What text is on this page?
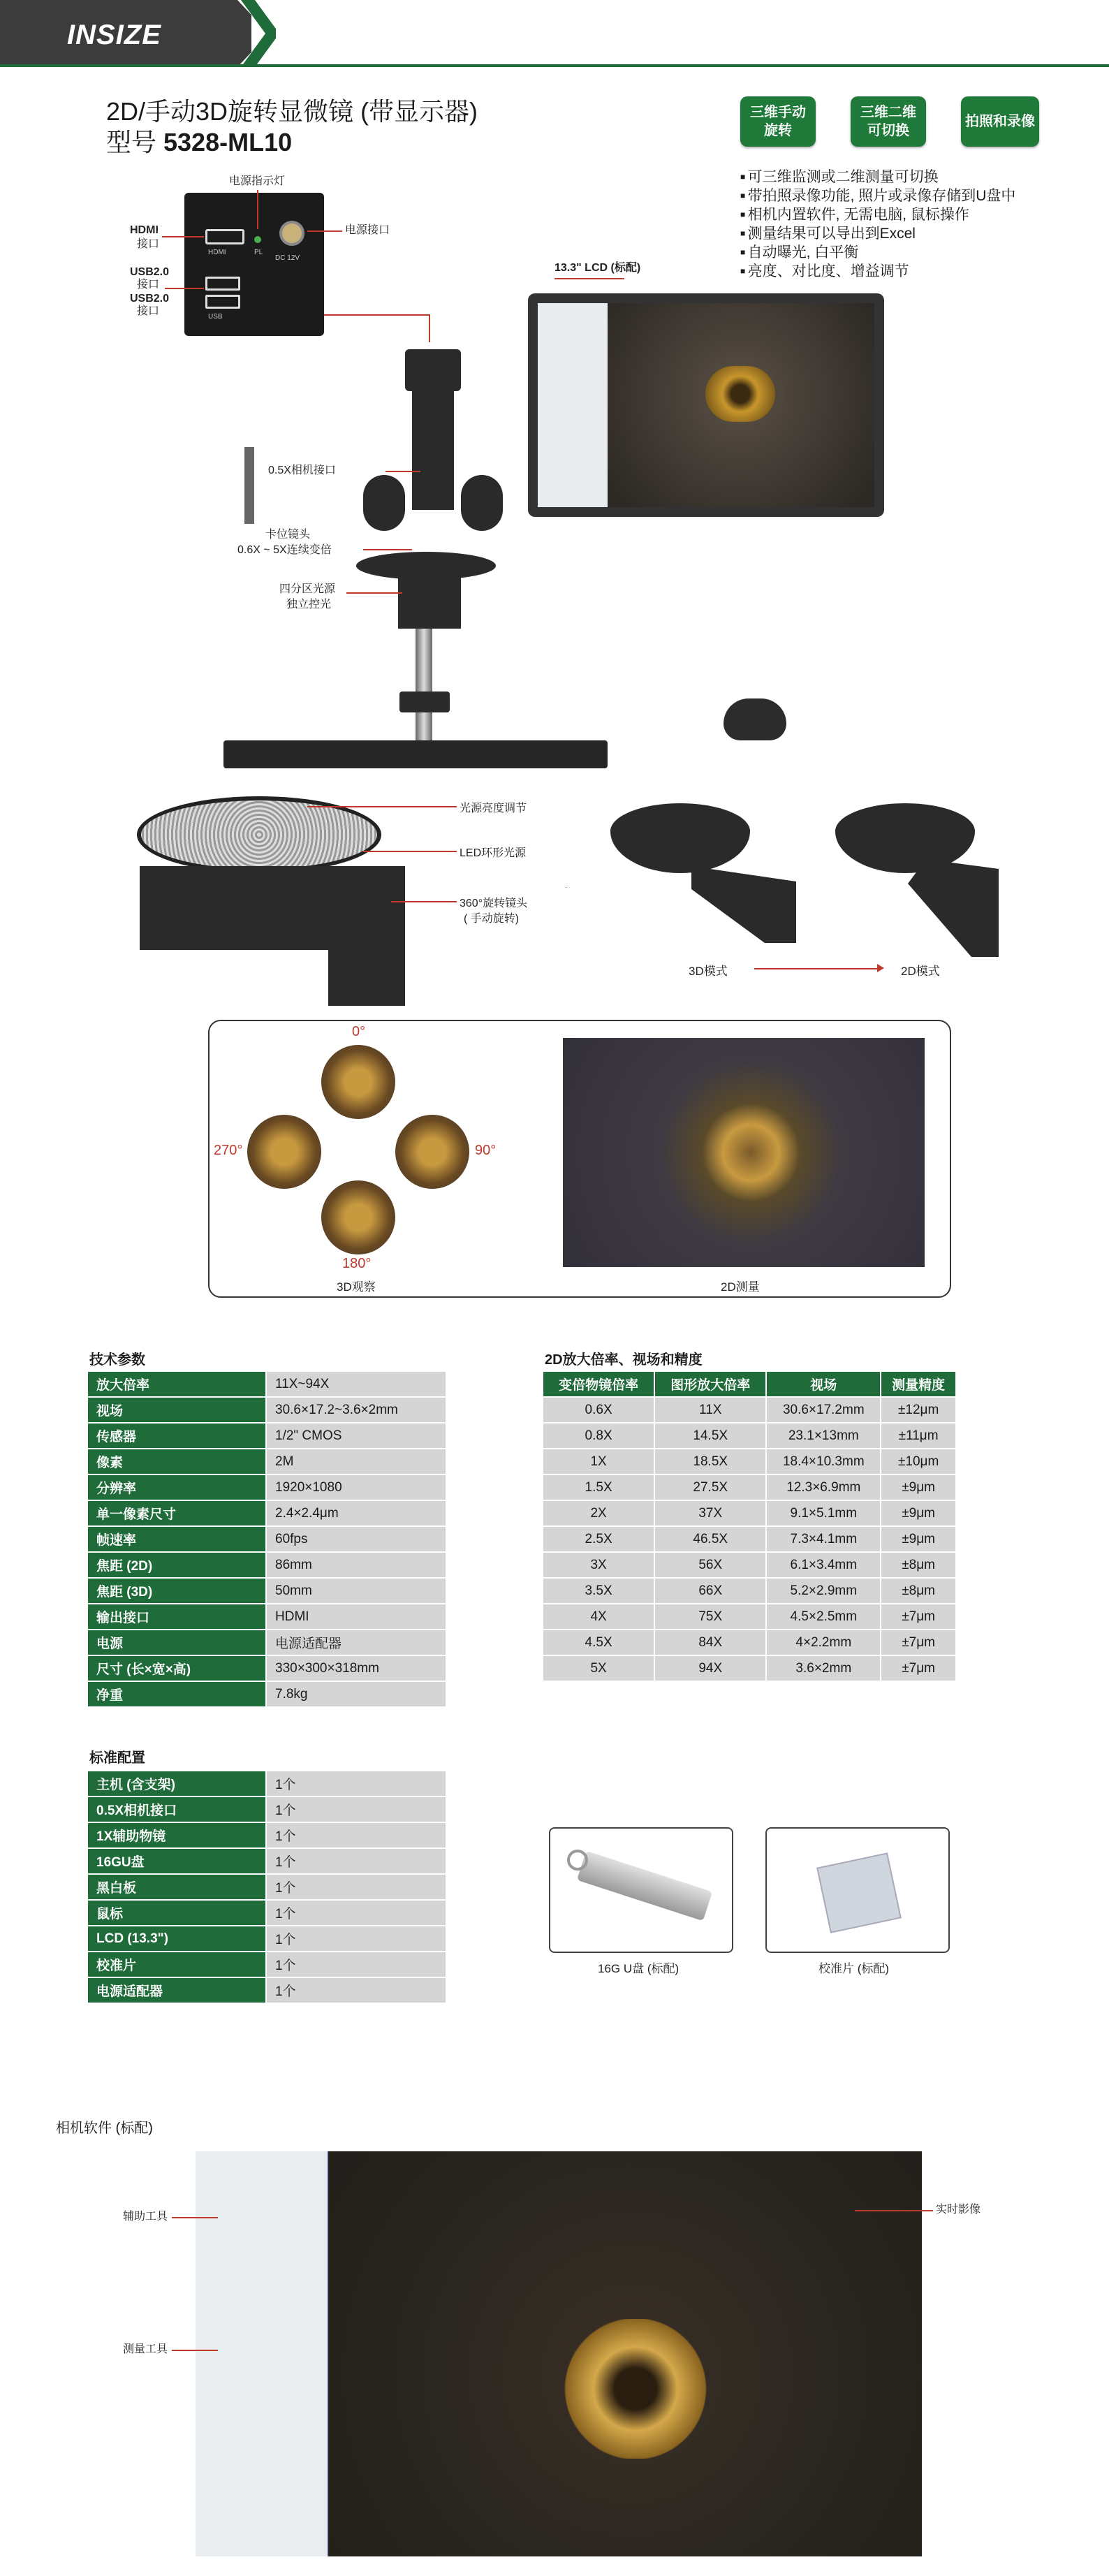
INSIZE
2D/手动3D旋转显微镜 (带显示器)
型号 5328-ML10
三维手动
旋转
三维二维
可切换
拍照和录像
■ 可三维监测或二维测量可切换
■ 带拍照录像功能, 照片或录像存储到U盘中
■ 相机内置软件, 无需电脑, 鼠标操作
■ 测量结果可以导出到Excel
■ 自动曝光, 白平衡
■ 亮度、对比度、增益调节
HDMI	PL
DC 12V
USB
电源指示灯
HDMI
接口
电源接口
USB2.0
接口
USB2.0
接口
0.5X相机接口
卡位镜头
0.6X ~ 5X连续变倍
四分区光源
独立控光
13.3" LCD (标配)
光源亮度调节
LED环形光源
360°旋转镜头
( 手动旋转)
3D模式	2D模式
0°
90°
180°
270°
3D观察	2D测量
技术参数
放大倍率	11X~94X
视场	30.6×17.2~3.6×2mm
传感器	1/2" CMOS
像素	2M
分辨率	1920×1080
单一像素尺寸	2.4×2.4μm
帧速率	60fps
焦距 (2D)	86mm
焦距 (3D)	50mm
输出接口	HDMI
电源	电源适配器
尺寸 (长×宽×高)	330×300×318mm
净重	7.8kg
2D放大倍率、视场和精度
变倍物镜倍率	图形放大倍率	视场	测量精度
0.6X	11X	30.6×17.2mm	±12μm
0.8X	14.5X	23.1×13mm	±11μm
1X	18.5X	18.4×10.3mm	±10μm
1.5X	27.5X	12.3×6.9mm	±9μm
2X	37X	9.1×5.1mm	±9μm
2.5X	46.5X	7.3×4.1mm	±9μm
3X	56X	6.1×3.4mm	±8μm
3.5X	66X	5.2×2.9mm	±8μm
4X	75X	4.5×2.5mm	±7μm
4.5X	84X	4×2.2mm	±7μm
5X	94X	3.6×2mm	±7μm
标准配置
主机 (含支架)	1个
0.5X相机接口	1个
1X辅助物镜	1个
16GU盘	1个
黑白板	1个
鼠标	1个
LCD (13.3")	1个
校准片	1个
电源适配器	1个
16G U盘 (标配)	校准片 (标配)
相机软件 (标配)
辅助工具
测量工具
实时影像
